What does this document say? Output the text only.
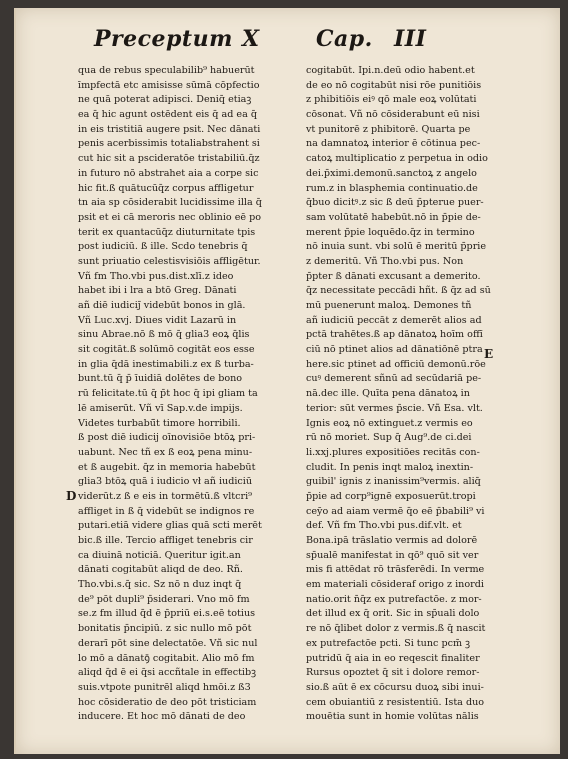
Preceptum X	Cap. III
qua de rebus speculabilib⁹ habuerūt
īmpfectā etc amisisse sūmā cōpfectio
ne quā poterat adipisci. Deniq̄ etiaꝫ
ea q̄ hic agunt ostēdent eis q̄ ad ea q̄
in eis tristitiā augere psit. Nec dānati
penis acerbissimis totaliabstrahent si
cut hic sit a pscideratōe tristabiliū.q̄z
in futuro nō abstrahet aia a corpe sic
hic fit.ß quātucūq̄z corpus affligetur
tn aia sp cōsiderabit lucidissime illa q̄
psit et ei cā meroris nec oblinio eē po
terit ex quantacūq̄z diuturnitate tpis
post iudiciū. ß ille. Scdo tenebris q̄
sunt priuatio celestisvisiōis affligētur.
Vñ fm Tho.vbi pus.dist.xlī.z ideo
habet ibi i lra a btō Greg. Dānati
añ diē iudiciȷ̄ videbūt bonos in glā.
Vñ Luc.xvj. Diues vidit Lazarū in
sinu Abrae.nō ß mō q̄ glia3 eoꝝ q̄lis
sit cogitāt.ß solūmō cogitāt eos esse
in glia q̄dā inestimabili.z ex ß turba-
bunt.tū q̄ p̄ īuidiā dolētes de bono
rū felicitate.tū q̄ p̄t hoc q̄ ipi gliam ta
lē amiserūt. Vñ vī Sap.v.de impijs.
Videtes turbabū̄t timore horribili.
ß post diē iudicij oīnovisiōe btōꝝ pri-
uabunt. Nec tñ ex ß eoꝝ pena minu-
et ß augebit. q̄z in memoria habebūt
glia3 btōꝝ quā i iudicio vł añ iudiciū
viderūt.z ß e eis in tormētū.ß vltcri⁹
affliget in ß q̄ videbūt se indignos re
putari.etiā videre glias quā scti merēt
bic.ß ille. Tercio affliget tenebris cir
ca diuinā noticiā. Queritur igit.an
dānati cogitabūt aliqd de deo. Rñ.
Tho.vbi.s.q̄ sic. Sz nō n duz inqt q̄
de⁹ pōt dupli⁹ p̄siderari. Vno mō fm
se.z fm illud q̄d ē p̄priū ei.s.eē totius
bonitatis p̄ncipiū. z sic nullo mō pōt
derarī pōt sine delectatōe. Vñ sic nul
lo mō a dānatꝯ̄ cogitabit. Alio mō fm
aliqd q̄d ē ei q̄si accñtale in effectibꝫ
suis.vtpote punitrēl aliqd hmōi.z ß3
hoc cōsideratio de deo pōt tristiciam
inducere. Et hoc mō dānati de deo
cogitabūt. Ipi.n.deū odio habent.et
de eo nō cogitabūt nisi rōe punitiōis
z phibitiōis eiꝰ qō male eoꝝ volūtati
cōsonat. Vñ nō cōsiderabunt eū nisi
vt punitorē z phibitorē. Quarta pe
na damnatoꝝ interior ē cōtinua pec-
catoꝝ multiplicatio z perpetua in odio
dei.p̄ximi.demonū.sanctoꝝ z angelo
rum.z in blasphemia continuatio.de
q̄buo dicitꝰ.z sic ß deū p̄pterue puer-
sam volūtatē habebūt.nō in p̄pie de-
merent p̄pie loquēdo.q̄z in termino
nō inuia sunt. vbi solū ē meritū p̄prie
z demeritū. Vñ Tho.vbi pus. Non
p̄pter ß dānati excusant a demerito.
q̄z necessitate peccādi hñt. ß q̄z ad sū
mū puenerunt maloꝝ. Demones tñ
añ iudiciū peccāt z demerēt alios ad
pctā trahētes.ß ap dānatoꝝ hoīm offī
ciū nō ptinet alios ad dānatiōnē ptra
here.sic ptinet ad officiū demonū.rōe
cuꝰ demerent sñnū ad secūdariā pe-
nā.dec ille. Quīta pena dānatoꝝ in
terior: sūt vermes p̄scie. Vñ Esa. vlt.
Ignis eoꝝ nō extinguet.z vermis eo
rū nō moriet. Sup q̄ Aug⁹.de ci.dei
li.xxj.plures expositiōes recitās con-
cludit. In penis inqt maloꝝ inextin-
guibil' ignis z inanissim⁹vermis. aliq̄
p̄pie ad corp⁹ignē exposuerūt.tropi
ceȳo ad aiam vermē q̄o eē p̄babili⁹ vi
def. Vñ fm Tho.vbi pus.dif.vlt. et
Bona.ipā trāslatio vermis ad dolorē
sp̄ualē manifestat in qō⁹ quō sit ver
mis fi attēdat rō trāsferēdi. In verme
em materiali cōsideraf origo z inordi
natio.orit n̄q̄z ex putrefactōe. z mor-
det illud ex q̄ orit. Sic in sp̄uali dolo
re nō q̄libet dolor z vermis.ß q̄ nascit
ex putrefactōe pcti. Si tunc pcm̄ ꝫ
putridū q̄ aia in eo reqescit finaliter
Rursus opoztet q̄ sit i dolore remor-
sio.ß aūt ē ex cōcursu duoꝝ sibi inui-
cem obuiantiū z resistentiū. Ista duo
mouētia sunt in homie volūtas nālis
D
E
